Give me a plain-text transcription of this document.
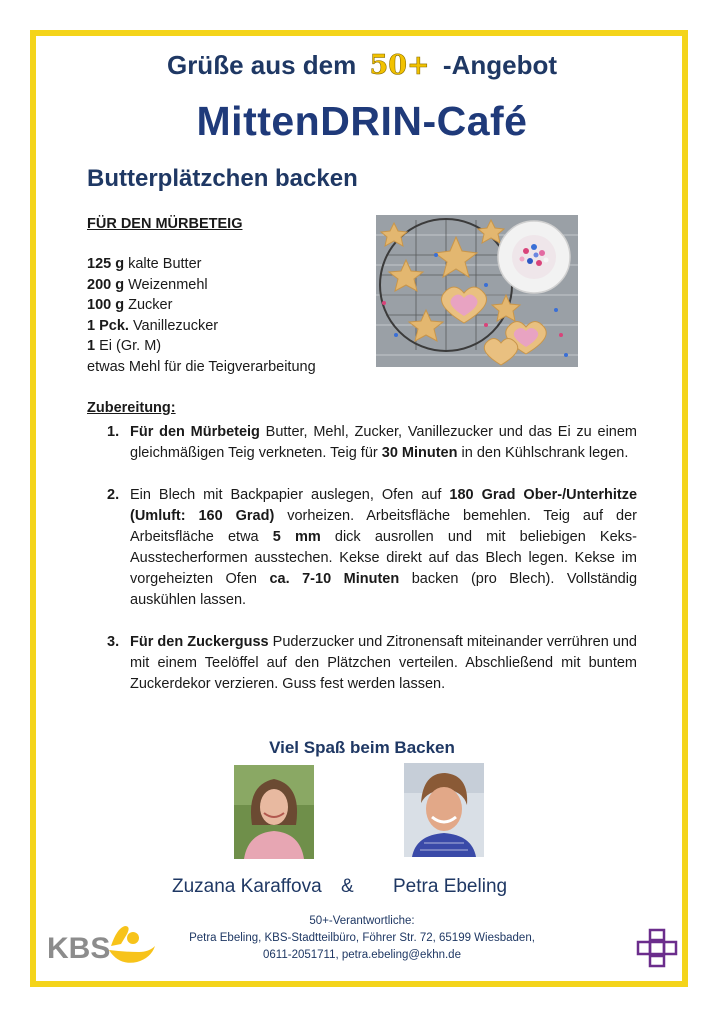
Grüße aus dem 50+ -Angebot
MittenDRIN-Café
Butterplätzchen backen
FÜR DEN MÜRBETEIG
125 g kalte Butter
200 g Weizenmehl
100 g Zucker
1 Pck. Vanillezucker
1 Ei (Gr. M)
etwas Mehl für die Teigverarbeitung
Zubereitung:
1. Für den Mürbeteig Butter, Mehl, Zucker, Vanillezucker und das Ei zu einem gleichmäßigen Teig verkneten. Teig für 30 Minuten in den Kühlschrank legen.
2. Ein Blech mit Backpapier auslegen, Ofen auf 180 Grad Ober-/Unterhitze (Umluft: 160 Grad) vorheizen. Arbeitsfläche bemehlen. Teig auf der Arbeitsfläche etwa 5 mm dick ausrollen und mit beliebigen Keks-Ausstecherformen ausstechen. Kekse direkt auf das Blech legen. Kekse im vorgeheizten Ofen ca. 7-10 Minuten backen (pro Blech). Vollständig auskühlen lassen.
3. Für den Zuckerguss Puderzucker und Zitronensaft miteinander verrühren und mit einem Teelöffel auf den Plätzchen verteilen. Abschließend mit buntem Zuckerdekor verzieren. Guss fest werden lassen.
Viel Spaß beim Backen
Zuzana Karaffova & Petra Ebeling
50+-Verantwortliche:
Petra Ebeling, KBS-Stadtteilbüro, Föhrer Str. 72, 65199 Wiesbaden,
0611-2051711, petra.ebeling@ekhn.de
KBS
